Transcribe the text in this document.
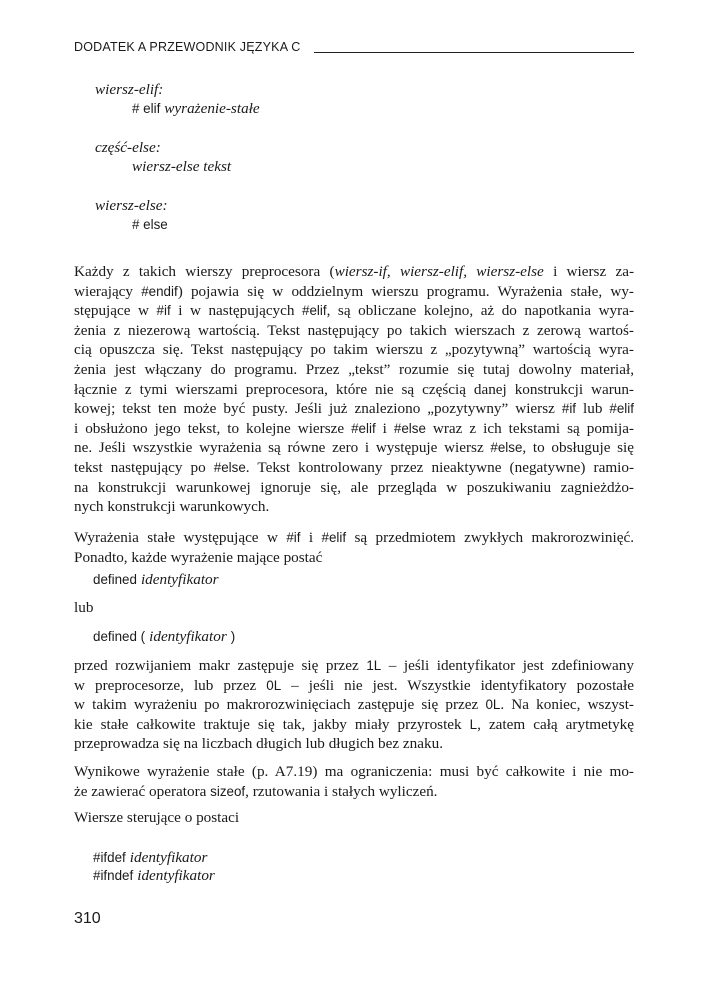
DODATEK A PRZEWODNIK JĘZYKA C
wiersz-elif:
# elif wyrażenie-stałe
część-else:
wiersz-else tekst
wiersz-else:
# else
Każdy z takich wierszy preprocesora (wiersz-if, wiersz-elif, wiersz-else i wiersz za-
wierający #endif) pojawia się w oddzielnym wierszu programu. Wyrażenia stałe, wy-
stępujące w #if i w następujących #elif, są obliczane kolejno, aż do napotkania wyra-
żenia z niezerową wartością. Tekst następujący po takich wierszach z zerową wartoś-
cią opuszcza się. Tekst następujący po takim wierszu z „pozytywną” wartością wyra-
żenia jest włączany do programu. Przez „tekst” rozumie się tutaj dowolny materiał,
łącznie z tymi wierszami preprocesora, które nie są częścią danej konstrukcji warun-
kowej; tekst ten może być pusty. Jeśli już znaleziono „pozytywny” wiersz #if lub #elif
i obsłużono jego tekst, to kolejne wiersze #elif i #else wraz z ich tekstami są pomija-
ne. Jeśli wszystkie wyrażenia są równe zero i występuje wiersz #else, to obsługuje się
tekst następujący po #else. Tekst kontrolowany przez nieaktywne (negatywne) ramio-
na konstrukcji warunkowej ignoruje się, ale przegląda w poszukiwaniu zagnieżdżo-
nych konstrukcji warunkowych.
Wyrażenia stałe występujące w #if i #elif są przedmiotem zwykłych makrorozwinięć.
Ponadto, każde wyrażenie mające postać
defined identyfikator
lub
defined ( identyfikator )
przed rozwijaniem makr zastępuje się przez 1L – jeśli identyfikator jest zdefiniowany
w preprocesorze, lub przez 0L – jeśli nie jest. Wszystkie identyfikatory pozostałe
w takim wyrażeniu po makrorozwinięciach zastępuje się przez 0L. Na koniec, wszyst-
kie stałe całkowite traktuje się tak, jakby miały przyrostek L, zatem całą arytmetykę
przeprowadza się na liczbach długich lub długich bez znaku.
Wynikowe wyrażenie stałe (p. A7.19) ma ograniczenia: musi być całkowite i nie mo-
że zawierać operatora sizeof, rzutowania i stałych wyliczeń.
Wiersze sterujące o postaci
#ifdef identyfikator
#ifndef identyfikator
310
